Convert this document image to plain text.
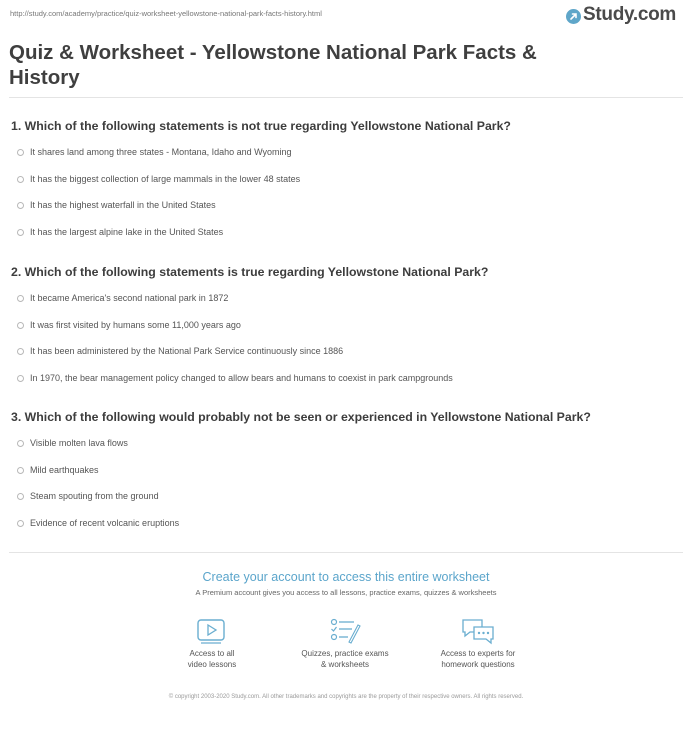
http://study.com/academy/practice/quiz-worksheet-yellowstone-national-park-facts-history.html	Study.com
Quiz & Worksheet - Yellowstone National Park Facts & History

1. Which of the following statements is not true regarding Yellowstone National Park?

It shares land among three states - Montana, Idaho and Wyoming
It has the biggest collection of large mammals in the lower 48 states
It has the highest waterfall in the United States
It has the largest alpine lake in the United States

2. Which of the following statements is true regarding Yellowstone National Park?

It became America's second national park in 1872
It was first visited by humans some 11,000 years ago
It has been administered by the National Park Service continuously since 1886
In 1970, the bear management policy changed to allow bears and humans to coexist in park campgrounds

3. Which of the following would probably not be seen or experienced in Yellowstone National Park?

Visible molten lava flows
Mild earthquakes
Steam spouting from the ground
Evidence of recent volcanic eruptions
Create your account to access this entire worksheet
A Premium account gives you access to all lessons, practice exams, quizzes & worksheets
Access to all
video lessons
Quizzes, practice exams
& worksheets
Access to experts for
homework questions
© copyright 2003-2020 Study.com. All other trademarks and copyrights are the property of their respective owners. All rights reserved.
